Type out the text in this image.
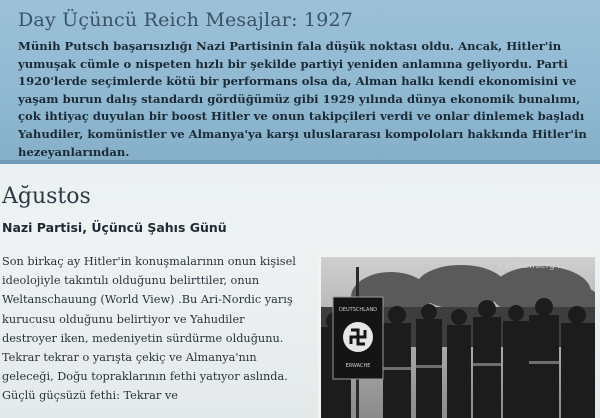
Day Üçüncü Reich Mesajlar: 1927
Münih Putsch başarısızlığı Nazi Partisinin fala düşük noktası oldu. Ancak, Hitler'in yumuşak cümle o nispeten hızlı bir şekilde partiyi yeniden anlamına geliyordu. Parti 1920'lerde seçimlerde kötü bir performans olsa da, Alman halkı kendi ekonomisini ve yaşam burun dalış standardı gördüğümüz gibi 1929 yılında dünya ekonomik bunalımı, çok ihtiyaç duyulan bir boost Hitler ve onun takipçileri verdi ve onlar dinlemek başladı Yahudiler, komünistler ve Almanya'ya karşı uluslararası kompoloları hakkında Hitler'in hezeyanlarından.
Ağustos
Nazi Partisi, Üçüncü Şahıs Günü
Son birkaç ay Hitler'in konuşmalarının onun kişisel ideolojiyle takıntılı olduğunu belirttiler, onun Weltanschauung (World View) .Bu Ari-Nordic yarış kurucusu olduğunu belirtiyor ve Yahudiler destroyer iken, medeniyetin sürdürme olduğunu. Tekrar tekrar o yarışta çekiç ve Almanya'nın geleceği, Doğu topraklarının fethi yatıyor aslında. Güçlü güçsüzü fethi: Tekrar ve
DEUTSCHLAND
ERWACHE
X.P. Wührberg ...
